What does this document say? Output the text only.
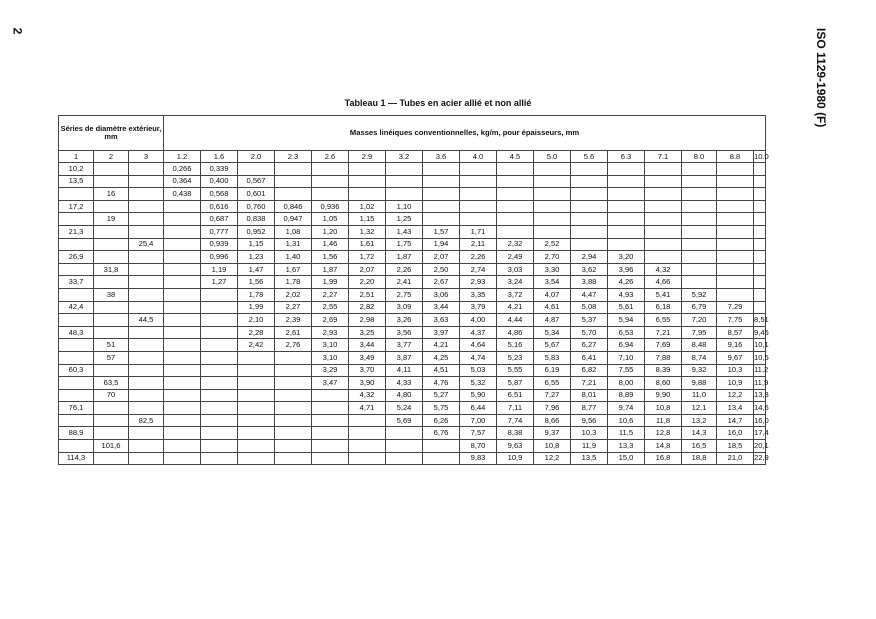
2	ISO 1129-1980 (F)
Tableau 1 — Tubes en acier allié et non allié
Séries de diamètre extérieur, mm			Masses linéiques conventionnelles, kg/m, pour épaisseurs, mm																
1	2	3	1.2	1.6	2.0	2.3	2.6	2.9	3.2	3.6	4.0	4.5	5.0	5.6	6.3	7.1	8.0	8.8	10.0
10,2			0,266	0,339															
13,5			0,364	0,400	0,567														
	16		0,438	0,568	0,601														
17,2				0,616	0,760	0,846	0,936	1,02	1,10										
	19			0,687	0,838	0,947	1,05	1,15	1,25										
21,3				0,777	0,952	1,08	1,20	1,32	1,43	1,57	1,71								
		25,4		0,939	1,15	1,31	1,46	1,61	1,75	1,94	2,11	2,32	2,52						
26,9				0,996	1,23	1,40	1,56	1,72	1,87	2,07	2,26	2,49	2,70	2,94	3,20				
	31,8			1,19	1,47	1,67	1,87	2,07	2,26	2,50	2,74	3,03	3,30	3,62	3,96	4,32			
33,7				1,27	1,56	1,78	1,99	2,20	2,41	2,67	2,93	3,24	3,54	3,88	4,26	4,66			
	38				1,78	2,02	2,27	2,51	2,75	3,06	3,35	3,72	4,07	4,47	4,93	5,41	5,92		
42,4					1,99	2,27	2,55	2,82	3,09	3,44	3,79	4,21	4,61	5,08	5,61	6,18	6,79	7,29	
		44,5			2,10	2,39	2,69	2,98	3,26	3,63	4,00	4,44	4,87	5,37	5,94	6,55	7,20	7,75	8,51
48,3					2,28	2,61	2,93	3,25	3,56	3,97	4,37	4,86	5,34	5,70	6,53	7,21	7,95	8,57	9,45
	51				2,42	2,76	3,10	3,44	3,77	4,21	4,64	5,16	5,67	6,27	6,94	7,69	8,48	9,16	10,1
	57						3,10	3,49	3,87	4,25	4,74	5,23	5,83	6,41	7,10	7,88	8,74	9,67	10,5
60,3							3,29	3,70	4,11	4,51	5,03	5,55	6,19	6,82	7,55	8,39	9,32	10,3	11,2
	63,5						3,47	3,90	4,33	4,76	5,32	5,87	6,55	7,21	8,00	8,60	9,88	10,9	11,9
	70							4,32	4,80	5,27	5,90	6,51	7,27	8,01	8,89	9,90	11,0	12,2	13,3
76,1								4,71	5,24	5,75	6,44	7,11	7,96	8,77	9,74	10,8	12,1	13,4	14,6
		82,5							5,69	6,26	7,00	7,74	8,66	9,56	10,6	11,8	13,2	14,7	16,0
88,9										6,76	7,57	8,38	9,37	10,3	11,5	12,8	14,3	16,0	17,4
	101,6										8,70	9,63	10,8	11,9	13,3	14,8	16,5	18,5	20,1
114,3											9,83	10,9	12,2	13,5	15,0	16,8	18,8	21,0	22,9
